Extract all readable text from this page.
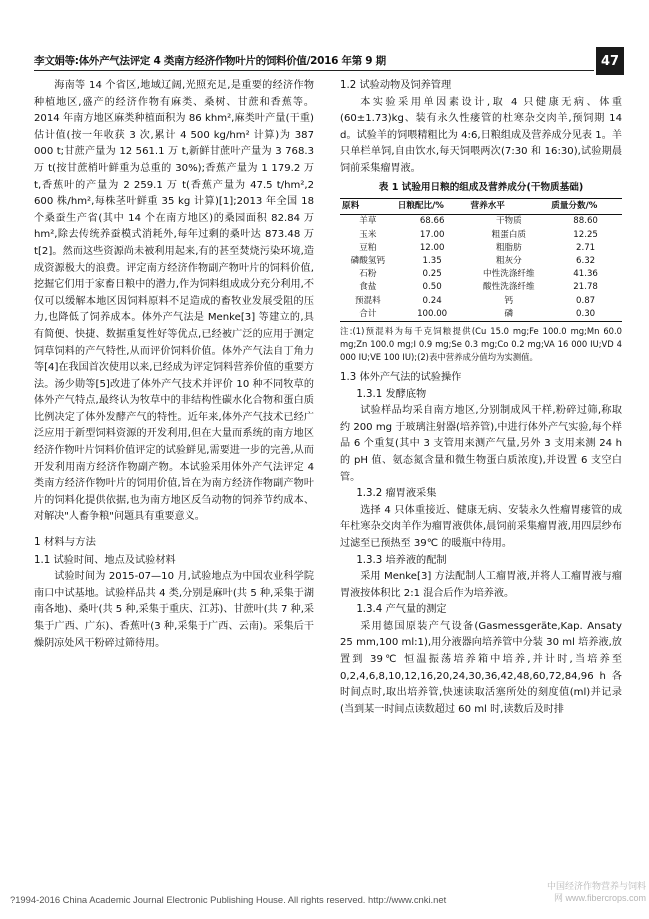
李文娟等:体外产气法评定 4 类南方经济作物叶片的饲料价值/2016 年第 9 期	47

海南等 14 个省区,地域辽阔,光照充足,是重要的经济作物种植地区,盛产的经济作物有麻类、桑树、甘蔗和香蕉等。2014 年南方地区麻类种植面积为 86 khm²,麻类叶产量(干重)估计值(按一年收获 3 次,累计 4 500 kg/hm² 计算)为 387 000 t;甘蔗产量为 12 561.1 万 t,新鲜甘蔗叶产量为 3 768.3 万 t(按甘蔗梢叶鲜重为总重的 30%);香蕉产量为 1 179.2 万 t,香蕉叶的产量为 2 259.1 万 t(香蕉产量为 47.5 t/hm²,2 600 株/hm²,每株茎叶鲜重 35 kg 计算)[1];2013 年全国 18 个桑蚕生产省(其中 14 个在南方地区)的桑园面积 82.84 万 hm²,除去传统养蚕模式消耗外,每年过剩的桑叶达 873.48 万 t[2]。然而这些资源尚未被利用起来,有的甚至焚烧污染环境,造成资源极大的浪费。评定南方经济作物副产物叶片的饲料价值,挖掘它们用于家畜日粮中的潜力,作为饲料组成成分充分利用,不仅可以缓解本地区因饲料原料不足造成的畜牧业发展受阻的压力,也降低了饲养成本。体外产气法是 Menke[3] 等建立的,具有简便、快捷、数据重复性好等优点,已经被广泛的应用于测定饲草饲料的产气特性,从而评价饲料价值。体外产气法自丁角力等[4]在我国首次使用以来,已经成为评定饲料营养价值的重要方法。汤少勋等[5]改进了体外产气技术并评价 10 种不同牧草的体外产气特点,最终认为牧草中的非结构性碳水化合物和蛋白质比例决定了体外发酵产气的特性。近年来,体外产气技术已经广泛应用于新型饲料资源的开发利用,但在大量而系统的南方地区经济作物叶片饲料价值评定的试验鲜见,需要进一步的完善,从而开发利用南方经济作物副产物。本试验采用体外产气法评定 4 类南方经济作物叶片的饲用价值,旨在为南方经济作物副产物叶片的饲料化提供依据,也为南方地区反刍动物的饲养节约成本、对解决"人畜争粮"问题具有重要意义。

1 材料与方法

1.1 试验时间、地点及试验材料

试验时间为 2015-07—10 月,试验地点为中国农业科学院南口中试基地。试验样品共 4 类,分别是麻叶(共 5 种,采集于湖南各地)、桑叶(共 5 种,采集于重庆、江苏)、甘蔗叶(共 7 种,采集于广西、广东)、香蕉叶(3 种,采集于广西、云南)。采集后干燥阴凉处风干粉碎过筛待用。

1.2 试验动物及饲养管理

本实验采用单因素设计,取 4 只健康无病、体重(60±1.73)kg、装有永久性瘘管的杜寒杂交肉羊,预饲期 14 d。试验羊的饲喂精粗比为 4:6,日粮组成及营养成分见表 1。羊只单栏单饲,自由饮水,每天饲喂两次(7:30 和 16:30),试验期晨饲前采集瘤胃液。

表 1 试验用日粮的组成及营养成分(干物质基础)
原料	日粮配比/%	营养水平	质量分数/%
羊草	68.66	干物质	88.60
玉米	17.00	粗蛋白质	12.25
豆粕	12.00	粗脂肪	2.71
磷酸氢钙	1.35	粗灰分	6.32
石粉	0.25	中性洗涤纤维	41.36
食盐	0.50	酸性洗涤纤维	21.78
预混料	0.24	钙	0.87
合计	100.00	磷	0.30
注:(1)预混料为每千克饲粮提供(Cu 15.0 mg;Fe 100.0 mg;Mn 60.0 mg;Zn 100.0 mg;I 0.9 mg;Se 0.3 mg;Co 0.2 mg;VA 16 000 IU;VD 4 000 IU;VE 100 IU);(2)表中营养成分值均为实测值。

1.3 体外产气法的试验操作

1.3.1 发酵底物

试验样品均采自南方地区,分别制成风干样,粉碎过筛,称取约 200 mg 于玻璃注射器(培养管),中进行体外产气实验,每个样品 6 个重复(其中 3 支管用来测产气量,另外 3 支用来测 24 h 的 pH 值、氨态氮含量和微生物蛋白质浓度),并设置 6 支空白管。

1.3.2 瘤胃液采集

选择 4 只体重接近、健康无病、安装永久性瘤胃瘘管的成年杜寒杂交肉羊作为瘤胃液供体,晨饲前采集瘤胃液,用四层纱布过滤至已预热至 39℃ 的暖瓶中待用。

1.3.3 培养液的配制

采用 Menke[3] 方法配制人工瘤胃液,并将人工瘤胃液与瘤胃液按体积比 2:1 混合后作为培养液。

1.3.4 产气量的测定

采用德国原装产气设备(Gasmessgeräte,Kap. Ansaty 25 mm,100 ml:1),用分液器向培养管中分装 30 ml 培养液,放置到 39℃ 恒温振荡培养箱中培养,并计时,当培养至 0,2,4,6,8,10,12,16,20,24,30,36,42,48,60,72,84,96 h 各时间点时,取出培养管,快速读取活塞所处的刻度值(ml)并记录(当到某一时间点读数超过 60 ml 时,读数后及时排

?1994-2016 China Academic Journal Electronic Publishing House. All rights reserved. http://www.cnki.net
中国经济作物营养与饲料网 www.fibercrops.com
